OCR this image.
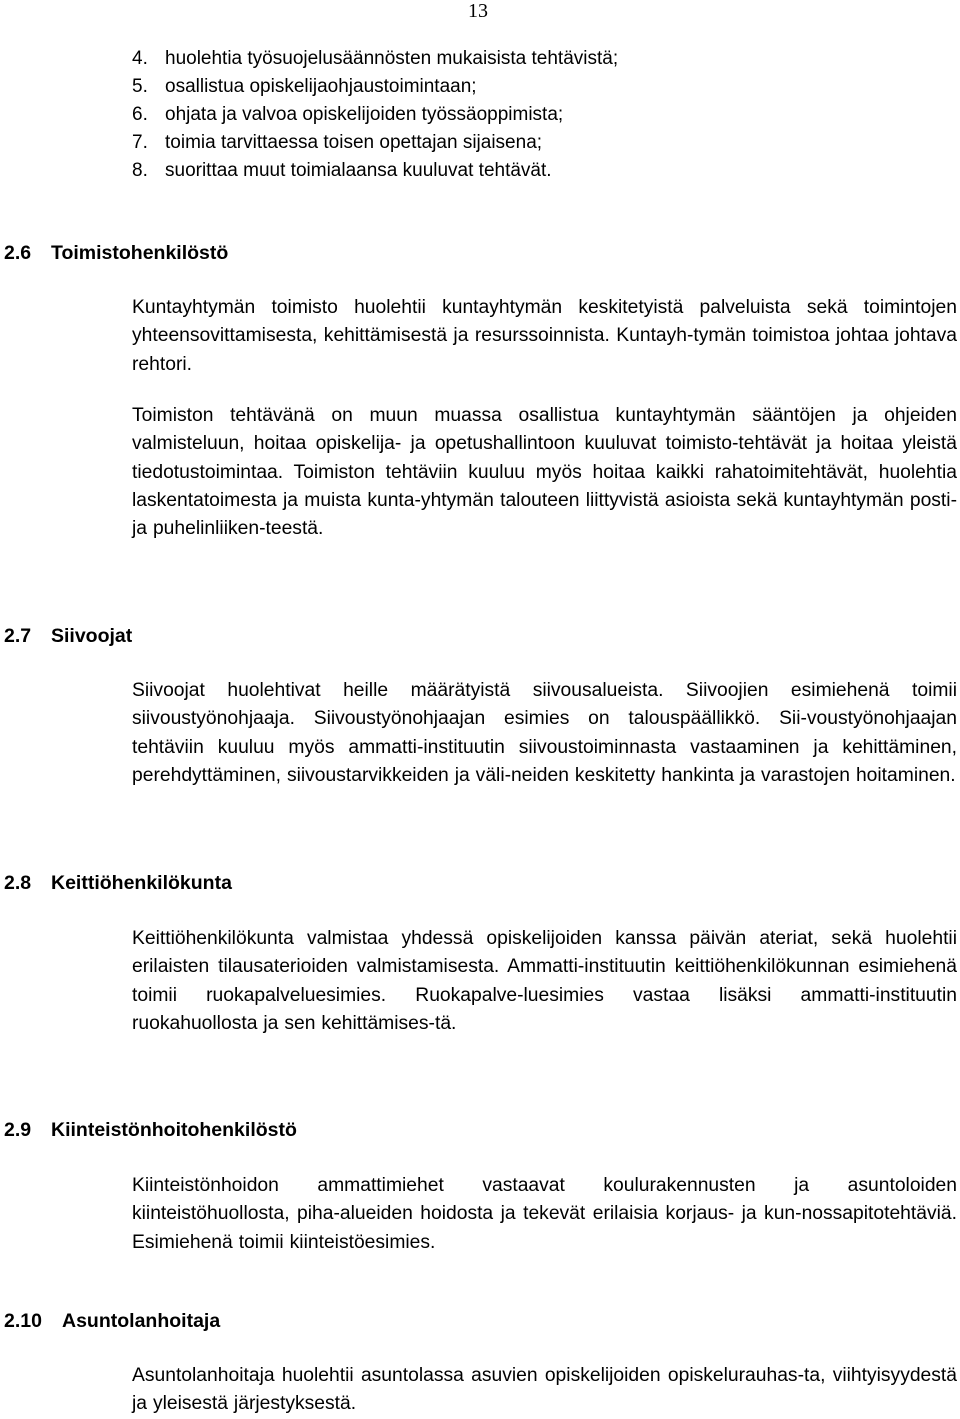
13
4. huolehtia työsuojelusäännösten mukaisista tehtävistä;
5. osallistua opiskelijaohjaustoimintaan;
6. ohjata ja valvoa opiskelijoiden työssäoppimista;
7. toimia tarvittaessa toisen opettajan sijaisena;
8. suorittaa muut toimialaansa kuuluvat tehtävät.
2.6 Toimistohenkilöstö

Kuntayhtymän toimisto huolehtii kuntayhtymän keskitetyistä palveluista sekä toimintojen yhteensovittamisesta, kehittämisestä ja resurssoinnista. Kuntayh-tymän toimistoa johtaa johtava rehtori.

Toimiston tehtävänä on muun muassa osallistua kuntayhtymän sääntöjen ja ohjeiden valmisteluun, hoitaa opiskelija- ja opetushallintoon kuuluvat toimisto-tehtävät ja hoitaa yleistä tiedotustoimintaa. Toimiston tehtäviin kuuluu myös hoitaa kaikki rahatoimitehtävät, huolehtia laskentatoimesta ja muista kunta-yhtymän talouteen liittyvistä asioista sekä kuntayhtymän posti- ja puhelinliiken-teestä.

2.7 Siivoojat

Siivoojat huolehtivat heille määrätyistä siivousalueista. Siivoojien esimiehenä toimii siivoustyönohjaaja. Siivoustyönohjaajan esimies on talouspäällikkö. Sii-voustyönohjaajan tehtäviin kuuluu myös ammatti-instituutin siivoustoiminnasta vastaaminen ja kehittäminen, perehdyttäminen, siivoustarvikkeiden ja väli-neiden keskitetty hankinta ja varastojen hoitaminen.

2.8 Keittiöhenkilökunta

Keittiöhenkilökunta valmistaa yhdessä opiskelijoiden kanssa päivän ateriat, sekä huolehtii erilaisten tilausaterioiden valmistamisesta. Ammatti-instituutin keittiöhenkilökunnan esimiehenä toimii ruokapalveluesimies. Ruokapalve-luesimies vastaa lisäksi ammatti-instituutin ruokahuollosta ja sen kehittämises-tä.

2.9 Kiinteistönhoitohenkilöstö

Kiinteistönhoidon ammattimiehet vastaavat koulurakennusten ja asuntoloiden kiinteistöhuollosta, piha-alueiden hoidosta ja tekevät erilaisia korjaus- ja kun-nossapitotehtäviä. Esimiehenä toimii kiinteistöesimies.

2.10 Asuntolanhoitaja

Asuntolanhoitaja huolehtii asuntolassa asuvien opiskelijoiden opiskelurauhas-ta, viihtyisyydestä ja yleisestä järjestyksestä.
